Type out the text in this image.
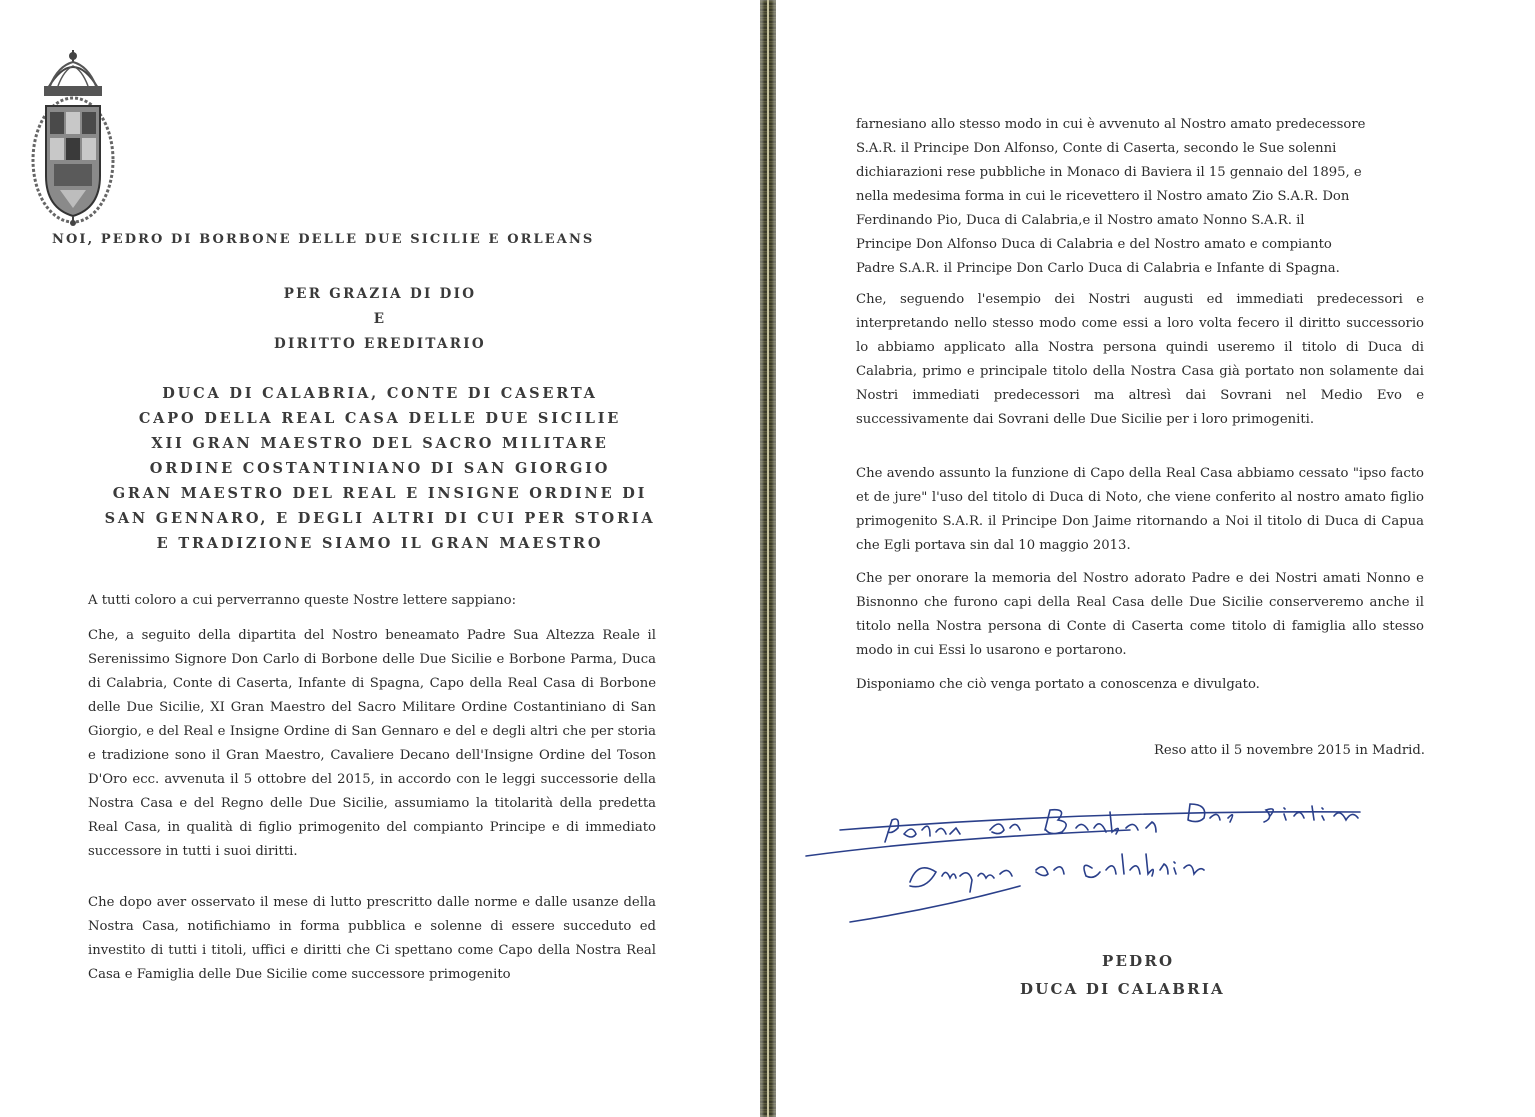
NOI, PEDRO DI BORBONE DELLE DUE SICILIE E ORLEANS
PER GRAZIA DI DIO
E
DIRITTO EREDITARIO
DUCA DI CALABRIA, CONTE DI CASERTA
CAPO DELLA REAL CASA DELLE DUE SICILIE
XII GRAN MAESTRO DEL SACRO MILITARE
ORDINE COSTANTINIANO DI SAN GIORGIO
GRAN MAESTRO DEL REAL E INSIGNE ORDINE DI
SAN GENNARO, E DEGLI ALTRI DI CUI PER STORIA
E TRADIZIONE SIAMO IL GRAN MAESTRO
A tutti coloro a cui perverranno queste Nostre lettere sappiano:

Che, a seguito della dipartita del Nostro beneamato Padre Sua Altezza Reale il Serenissimo Signore Don Carlo di Borbone delle Due Sicilie e Borbone Parma, Duca di Calabria, Conte di Caserta, Infante di Spagna, Capo della Real Casa di Borbone delle Due Sicilie, XI Gran Maestro del Sacro Militare Ordine Costantiniano di San Giorgio, e del Real e Insigne Ordine di San Gennaro e del e degli altri che per storia e tradizione sono il Gran Maestro, Cavaliere Decano dell'Insigne Ordine del Toson D'Oro ecc. avvenuta il 5 ottobre del 2015, in accordo con le leggi successorie della Nostra Casa e del Regno delle Due Sicilie, assumiamo la titolarità della predetta Real Casa, in qualità di figlio primogenito del compianto Principe e di immediato successore in tutti i suoi diritti.

Che dopo aver osservato il mese di lutto prescritto dalle norme e dalle usanze della Nostra Casa, notifichiamo in forma pubblica e solenne di essere succeduto ed investito di tutti i titoli, uffici e diritti che Ci spettano come Capo della Nostra Real Casa e Famiglia delle Due Sicilie come successore primogenito

farnesiano allo stesso modo in cui è avvenuto al Nostro amato predecessore
S.A.R. il Principe Don Alfonso, Conte di Caserta, secondo le Sue solenni
dichiarazioni rese pubbliche in Monaco di Baviera il 15 gennaio del 1895, e
nella medesima forma in cui le ricevettero il Nostro amato Zio S.A.R. Don
Ferdinando Pio, Duca di Calabria,e il Nostro amato Nonno S.A.R. il
Principe Don Alfonso Duca di Calabria e del Nostro amato e compianto
Padre S.A.R. il Principe Don Carlo Duca di Calabria e Infante di Spagna.

Che, seguendo l'esempio dei Nostri augusti ed immediati predecessori e interpretando nello stesso modo come essi a loro volta fecero il diritto successorio lo abbiamo applicato alla Nostra persona quindi useremo il titolo di Duca di Calabria, primo e principale titolo della Nostra Casa già portato non solamente dai Nostri immediati predecessori ma altresì dai Sovrani nel Medio Evo e successivamente dai Sovrani delle Due Sicilie per i loro primogeniti.

Che avendo assunto la funzione di Capo della Real Casa abbiamo cessato "ipso facto et de jure" l'uso del titolo di Duca di Noto, che viene conferito al nostro amato figlio primogenito S.A.R. il Principe Don Jaime ritornando a Noi il titolo di Duca di Capua che Egli portava sin dal 10 maggio 2013.

Che per onorare la memoria del Nostro adorato Padre e dei Nostri amati Nonno e Bisnonno che furono capi della Real Casa delle Due Sicilie conserveremo anche il titolo nella Nostra persona di Conte di Caserta come titolo di famiglia allo stesso modo in cui Essi lo usarono e portarono.

Disponiamo che ciò venga portato a conoscenza e divulgato.

Reso atto il 5 novembre 2015 in Madrid.
PEDRO
DUCA DI CALABRIA
